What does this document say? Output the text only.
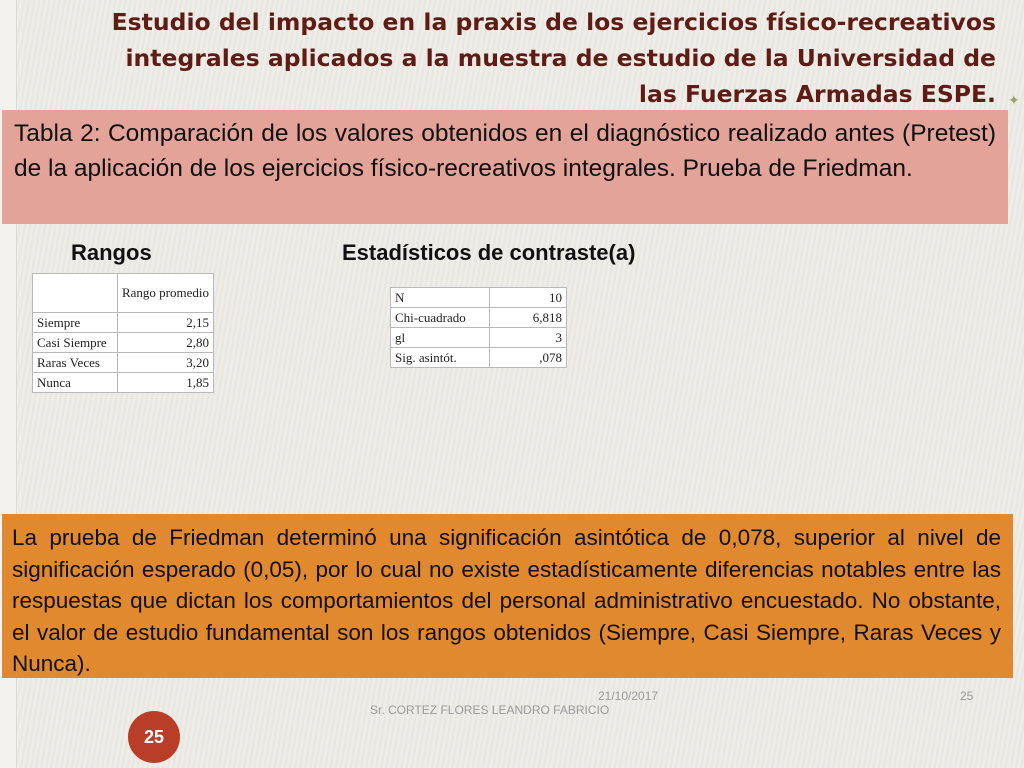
✦
Estudio del impacto en la praxis de los ejercicios físico-recreativos integrales aplicados a la muestra de estudio de la Universidad de las Fuerzas Armadas ESPE.
Tabla 2: Comparación de los valores obtenidos en el diagnóstico realizado antes (Pretest) de la aplicación de los ejercicios físico-recreativos integrales. Prueba de Friedman.
Rangos	Estadísticos de contraste(a)
	Rango promedio
Siempre	2,15
Casi Siempre	2,80
Raras Veces	3,20
Nunca	1,85
N	10
Chi-cuadrado	6,818
gl	3
Sig. asintót.	,078
La prueba de Friedman determinó una significación asintótica de 0,078, superior al nivel de significación esperado (0,05), por lo cual no existe estadísticamente diferencias notables entre las respuestas que dictan los comportamientos del personal administrativo encuestado. No obstante, el valor de estudio fundamental son los rangos obtenidos (Siempre, Casi Siempre, Raras Veces y Nunca).
21/10/2017	25
Sr. CORTEZ FLORES LEANDRO FABRICIO
25
